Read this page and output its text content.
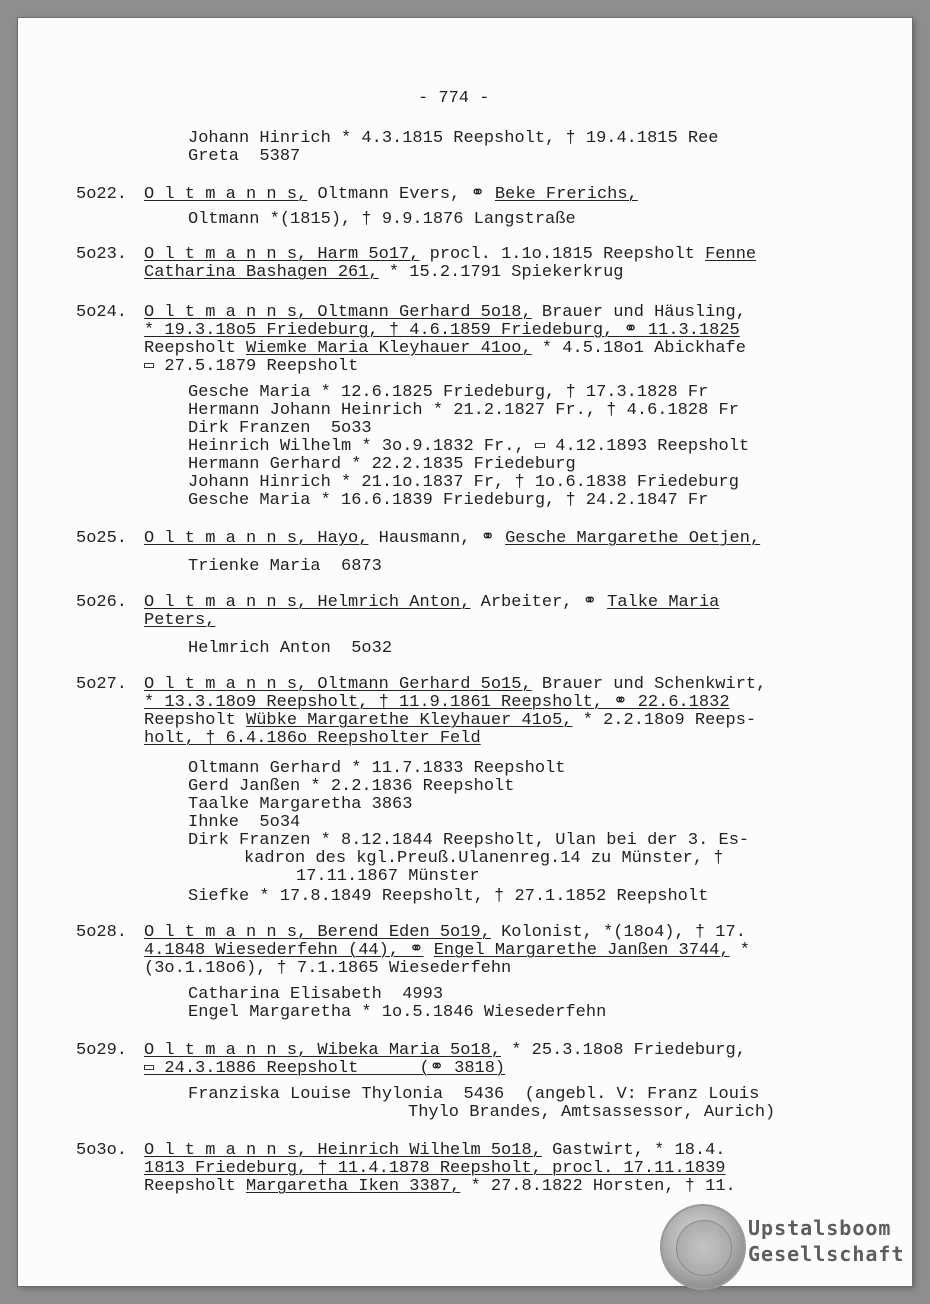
- 774 -
Johann Hinrich * 4.3.1815 Reepsholt, † 19.4.1815 Ree
Greta  5387
5o22. O l t m a n n s, Oltmann Evers, ⚭ Beke Frerichs,
Oltmann *(1815), † 9.9.1876 Langstraße
5o23. O l t m a n n s, Harm 5o17, procl. 1.1o.1815 Reepsholt Fenne
Catharina Bashagen 261, * 15.2.1791 Spiekerkrug
5o24. O l t m a n n s, Oltmann Gerhard 5o18, Brauer und Häusling,
* 19.3.18o5 Friedeburg, † 4.6.1859 Friedeburg, ⚭ 11.3.1825
Reepsholt Wiemke Maria Kleyhauer 41oo, * 4.5.18o1 Abickhafe
▭ 27.5.1879 Reepsholt
Gesche Maria * 12.6.1825 Friedeburg, † 17.3.1828 Fr
Hermann Johann Heinrich * 21.2.1827 Fr., † 4.6.1828 Fr
Dirk Franzen  5o33
Heinrich Wilhelm * 3o.9.1832 Fr., ▭ 4.12.1893 Reepsholt
Hermann Gerhard * 22.2.1835 Friedeburg
Johann Hinrich * 21.1o.1837 Fr, † 1o.6.1838 Friedeburg
Gesche Maria * 16.6.1839 Friedeburg, † 24.2.1847 Fr
5o25. O l t m a n n s, Hayo, Hausmann, ⚭ Gesche Margarethe Oetjen,
Trienke Maria  6873
5o26. O l t m a n n s, Helmrich Anton, Arbeiter, ⚭ Talke Maria
Peters,
Helmrich Anton  5o32
5o27. O l t m a n n s, Oltmann Gerhard 5o15, Brauer und Schenkwirt,
* 13.3.18o9 Reepsholt, † 11.9.1861 Reepsholt, ⚭ 22.6.1832
Reepsholt Wübke Margarethe Kleyhauer 41o5, * 2.2.18o9 Reeps-
holt, † 6.4.186o Reepsholter Feld
Oltmann Gerhard * 11.7.1833 Reepsholt
Gerd Janßen * 2.2.1836 Reepsholt
Taalke Margaretha 3863
Ihnke  5o34
Dirk Franzen * 8.12.1844 Reepsholt, Ulan bei der 3. Es-
kadron des kgl.Preuß.Ulanenreg.14 zu Münster, †
17.11.1867 Münster
Siefke * 17.8.1849 Reepsholt, † 27.1.1852 Reepsholt
5o28. O l t m a n n s, Berend Eden 5o19, Kolonist, *(18o4), † 17.
4.1848 Wiesederfehn (44), ⚭ Engel Margarethe Janßen 3744, *
(3o.1.18o6), † 7.1.1865 Wiesederfehn
Catharina Elisabeth  4993
Engel Margaretha * 1o.5.1846 Wiesederfehn
5o29. O l t m a n n s, Wibeka Maria 5o18, * 25.3.18o8 Friedeburg,
▭ 24.3.1886 Reepsholt      (⚭ 3818)
Franziska Louise Thylonia  5436  (angebl. V: Franz Louis
Thylo Brandes, Amtsassessor, Aurich)
5o3o. O l t m a n n s, Heinrich Wilhelm 5o18, Gastwirt, * 18.4.
1813 Friedeburg, † 11.4.1878 Reepsholt, procl. 17.11.1839
Reepsholt Margaretha Iken 3387, * 27.8.1822 Horsten, † 11.
Upstalsboom
Gesellschaft
